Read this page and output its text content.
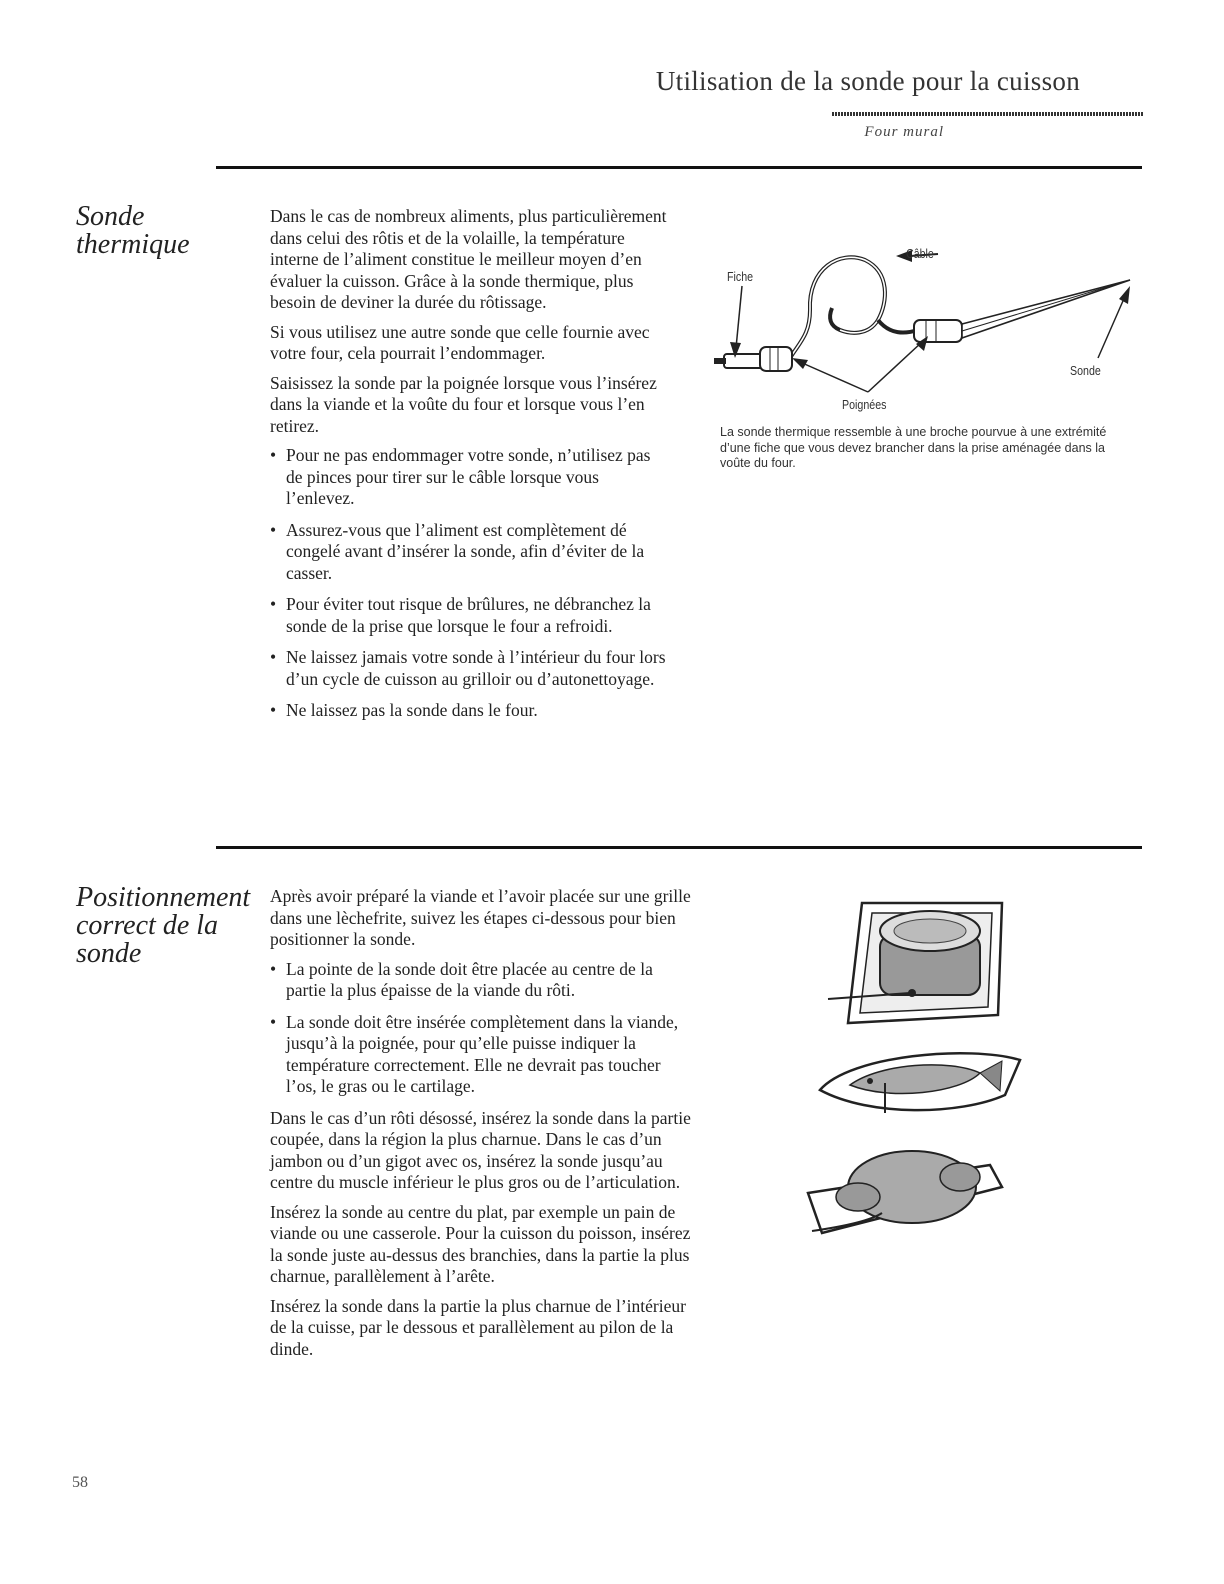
Utilisation de la sonde pour la cuisson
Four mural
Sonde
thermique

Dans le cas de nombreux aliments, plus particulièrement dans celui des rôtis et de la volaille, la température interne de l’aliment constitue le meilleur moyen d’en évaluer la cuisson. Grâce à la sonde thermique, plus besoin de deviner la durée du rôtissage.

Si vous utilisez une autre sonde que celle fournie avec votre four, cela pourrait l’endommager.

Saisissez la sonde par la poignée lorsque vous l’insérez dans la viande et la voûte du four et lorsque vous l’en retirez.

• Pour ne pas endommager votre sonde, n’utilisez pas de pinces pour tirer sur le câble lorsque vous l’enlevez.
• Assurez-vous que l’aliment est complètement dé congelé avant d’insérer la sonde, afin d’éviter de la casser.
• Pour éviter tout risque de brûlures, ne débranchez la sonde de la prise que lorsque le four a refroidi.
• Ne laissez jamais votre sonde à l’intérieur du four lors d’un cycle de cuisson au grilloir ou d’autonettoyage.
• Ne laissez pas la sonde dans le four.
Câble
Fiche
Sonde
Poignées
La sonde thermique ressemble à une broche pourvue à une extrémité d’une fiche que vous devez brancher dans la prise aménagée dans la voûte du four.
Positionnement
correct de la
sonde

Après avoir préparé la viande et l’avoir placée sur une grille dans une lèchefrite, suivez les étapes ci-dessous pour bien positionner la sonde.

• La pointe de la sonde doit être placée au centre de la partie la plus épaisse de la viande du rôti.
• La sonde doit être insérée complètement dans la viande, jusqu’à la poignée, pour qu’elle puisse indiquer la température correctement. Elle ne devrait pas toucher l’os, le gras ou le cartilage.

Dans le cas d’un rôti désossé, insérez la sonde dans la partie coupée, dans la région la plus charnue. Dans le cas d’un jambon ou d’un gigot avec os, insérez la sonde jusqu’au centre du muscle inférieur le plus gros ou de l’articulation.

Insérez la sonde au centre du plat, par exemple un pain de viande ou une casserole. Pour la cuisson du poisson, insérez la sonde juste au-dessus des branchies, dans la partie la plus charnue, parallèlement à l’arête.

Insérez la sonde dans la partie la plus charnue de l’intérieur de la cuisse, par le dessous et parallèlement au pilon de la dinde.

58
